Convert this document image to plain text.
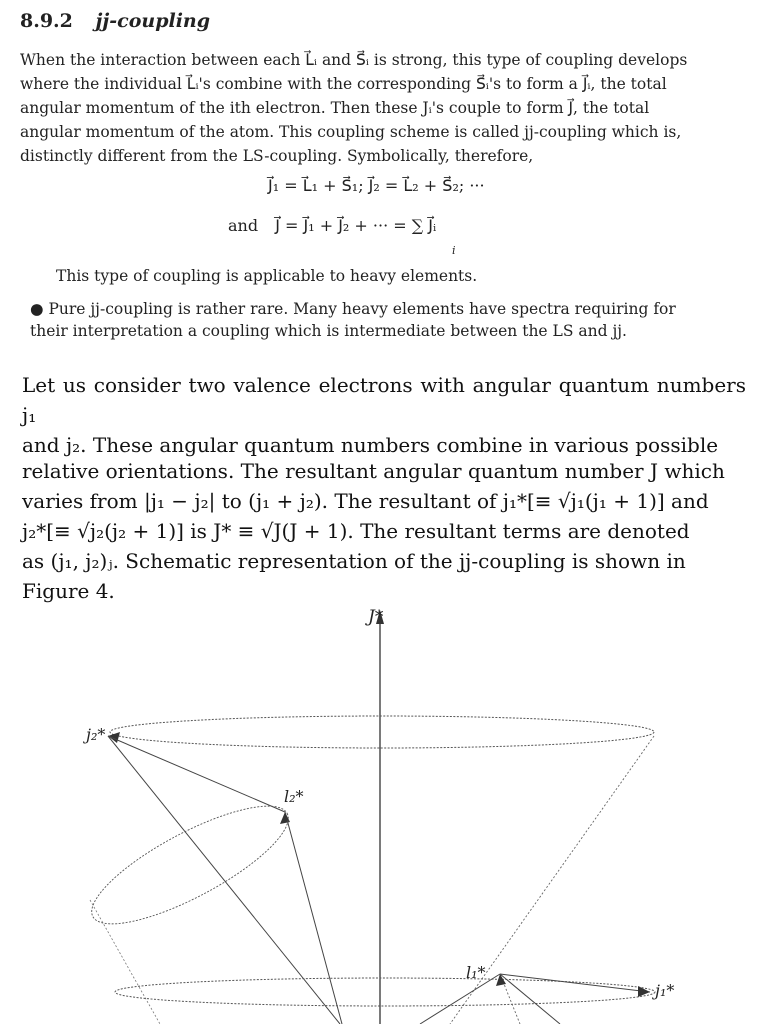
8.9.2 jj-coupling
When the interaction between each L⃗ᵢ and S⃗ᵢ is strong, this type of coupling develops
where the individual L⃗ᵢ's combine with the corresponding S⃗ᵢ's to form a J⃗ᵢ, the total
angular momentum of the ith electron. Then these Jᵢ's couple to form J⃗, the total
angular momentum of the atom. This coupling scheme is called jj-coupling which is,
distinctly different from the LS-coupling. Symbolically, therefore,
J⃗₁ = L⃗₁ + S⃗₁; J⃗₂ = L⃗₂ + S⃗₂; ···
and J⃗ = J⃗₁ + J⃗₂ + ··· = ∑ J⃗ᵢ
i
This type of coupling is applicable to heavy elements.
● Pure jj-coupling is rather rare. Many heavy elements have spectra requiring for
their interpretation a coupling which is intermediate between the LS and jj.
Let us consider two valence electrons with angular quantum numbers j₁
and j₂. These angular quantum numbers combine in various possible
relative orientations. The resultant angular quantum number J which
varies from |j₁ − j₂| to (j₁ + j₂). The resultant of j₁*[≡ √j₁(j₁ + 1)] and
j₂*[≡ √j₂(j₂ + 1)] is J* ≡ √J(J + 1). The resultant terms are denoted
as (j₁, j₂)ⱼ. Schematic representation of the jj-coupling is shown in
Figure 4.
J*
j₂*
l₂*
l₁*
j₁*
